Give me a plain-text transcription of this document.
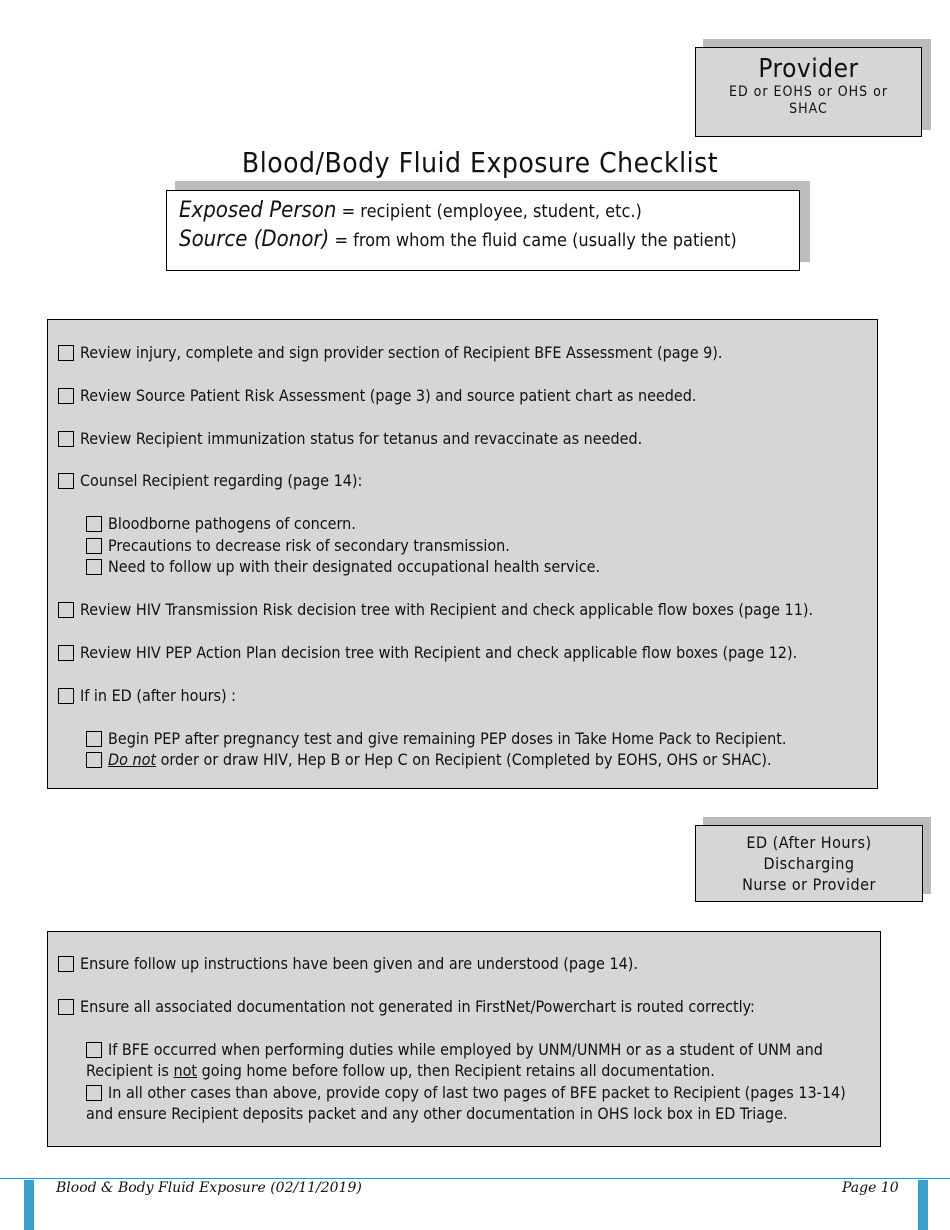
Provider
ED or EOHS or OHS or SHAC
Blood/Body Fluid Exposure Checklist
Exposed Person = recipient (employee, student, etc.)
Source (Donor) = from whom the fluid came (usually the patient)
Review injury, complete and sign provider section of Recipient BFE Assessment (page 9).
Review Source Patient Risk Assessment (page 3) and source patient chart as needed.
Review Recipient immunization status for tetanus and revaccinate as needed.
Counsel Recipient regarding (page 14):
Bloodborne pathogens of concern.
Precautions to decrease risk of secondary transmission.
Need to follow up with their designated occupational health service.
Review HIV Transmission Risk decision tree with Recipient and check applicable flow boxes (page 11).
Review HIV PEP Action Plan decision tree with Recipient and check applicable flow boxes (page 12).
If in ED (after hours) :
Begin PEP after pregnancy test and give remaining PEP doses in Take Home Pack to Recipient.
Do not order or draw HIV, Hep B or Hep C on Recipient (Completed by EOHS, OHS or SHAC).
ED (After Hours)
Discharging
Nurse or Provider
Ensure follow up instructions have been given and are understood (page 14).
Ensure all associated documentation not generated in FirstNet/Powerchart is routed correctly:
If BFE occurred when performing duties while employed by UNM/UNMH or as a student of UNM and Recipient is not going home before follow up, then Recipient retains all documentation.
In all other cases than above, provide copy of last two pages of BFE packet to Recipient (pages 13-14) and ensure Recipient deposits packet and any other documentation in OHS lock box in ED Triage.
Blood & Body Fluid Exposure (02/11/2019)	Page 10
